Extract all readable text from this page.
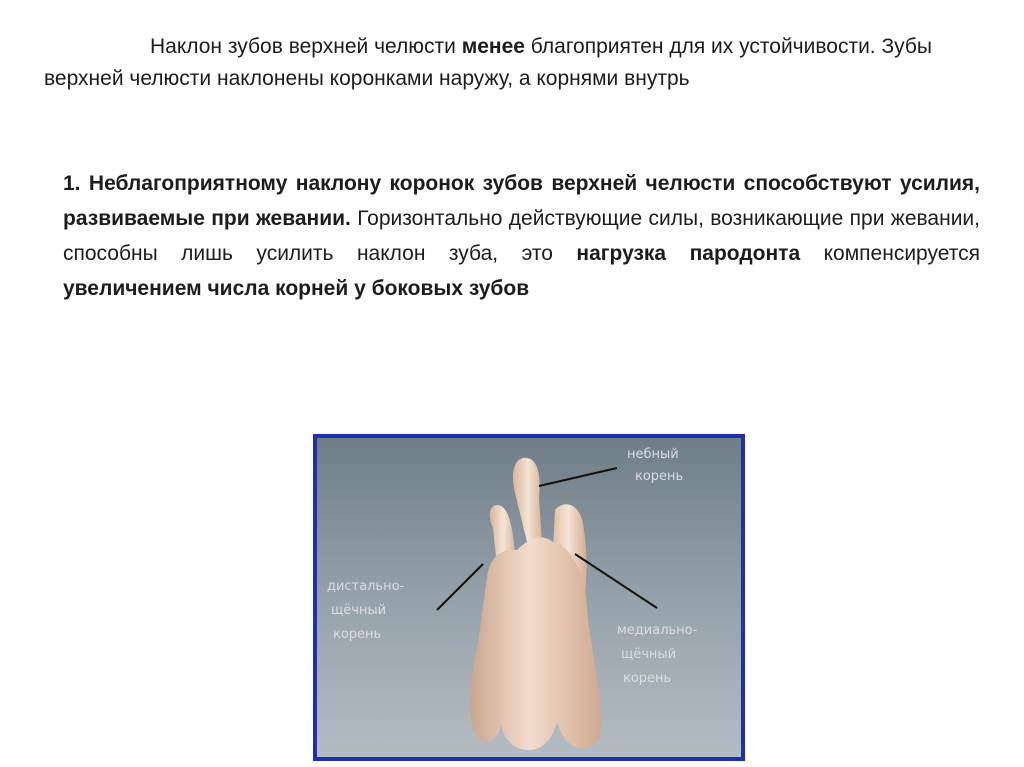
Наклон зубов верхней челюсти менее благоприятен для их устойчивости. Зубы верхней челюсти наклонены коронками наружу, а корнями внутрь
1. Неблагоприятному наклону коронок зубов верхней челюсти способствуют усилия, развиваемые при жевании. Горизонтально действующие силы, возникающие при жевании, способны лишь усилить наклон зуба, это нагрузка пародонта компенсируется увеличением числа корней у боковых зубов
небный
корень
дистально-
щёчный
корень	медиально-
щёчный
корень
